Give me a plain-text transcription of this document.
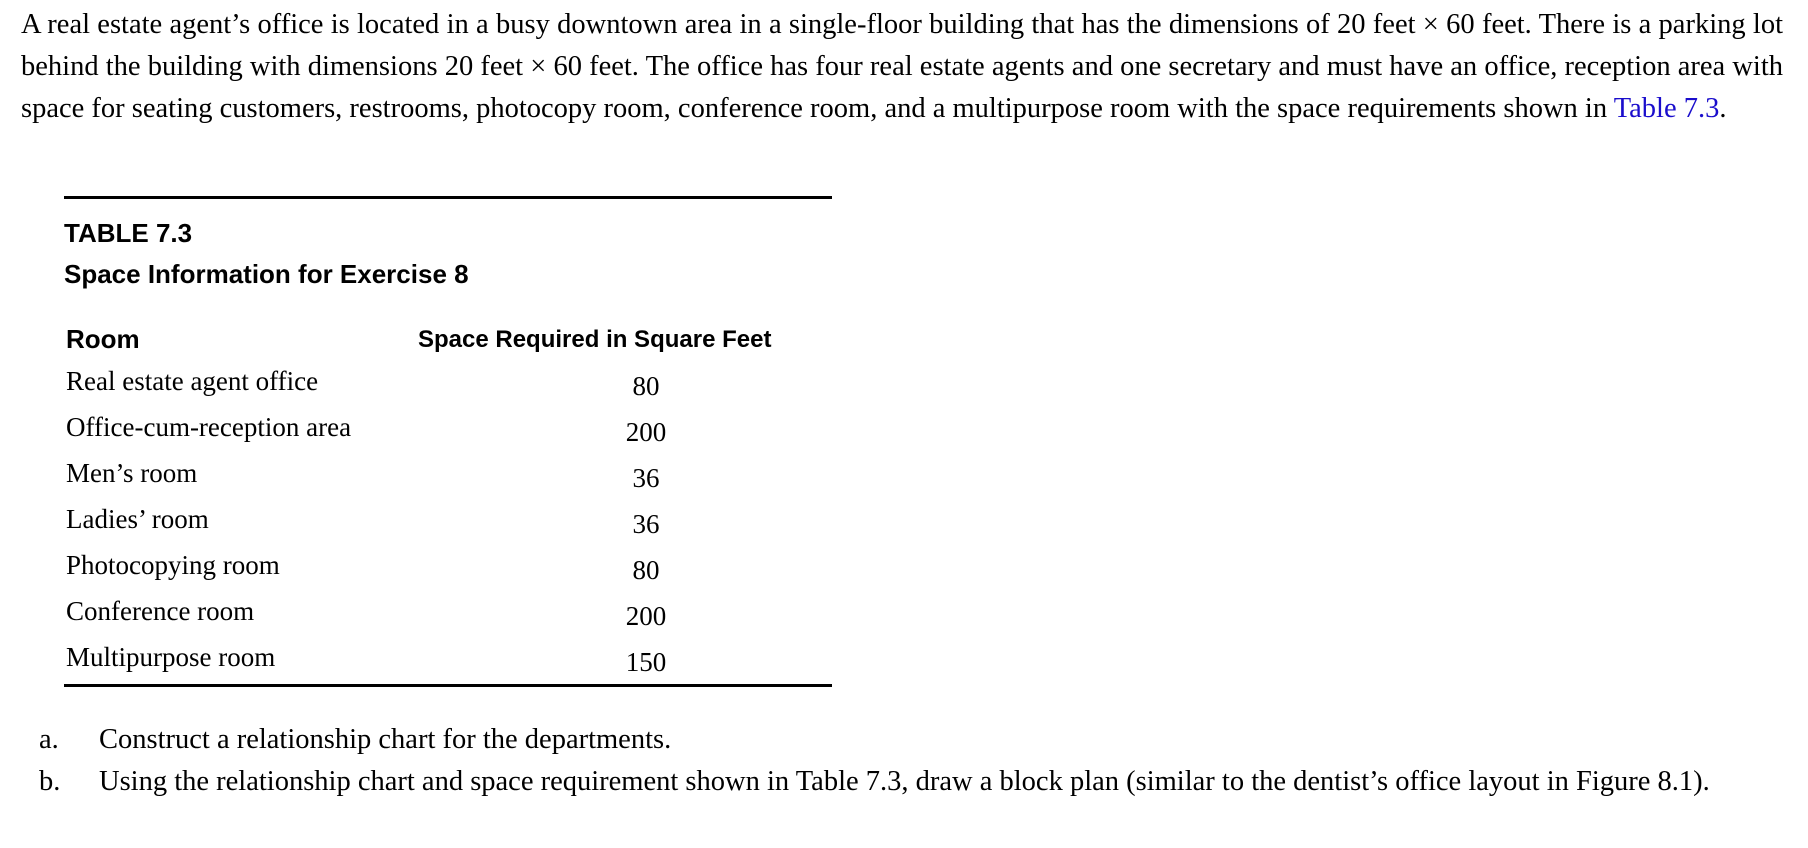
A real estate agent’s office is located in a busy downtown area in a single-floor building that has the dimensions of 20 feet × 60 feet. There is a parking lot behind the building with dimensions 20 feet × 60 feet. The office has four real estate agents and one secretary and must have an office, reception area with space for seating customers, restrooms, photocopy room, conference room, and a multipurpose room with the space requirements shown in Table 7.3.

TABLE 7.3
Space Information for Exercise 8
Room	Space Required in Square Feet
Real estate agent office	80
Office-cum-reception area	200
Men’s room	36
Ladies’ room	36
Photocopying room	80
Conference room	200
Multipurpose room	150
a. Construct a relationship chart for the departments.
b. Using the relationship chart and space requirement shown in Table 7.3, draw a block plan (similar to the dentist’s office layout in Figure 8.1).
